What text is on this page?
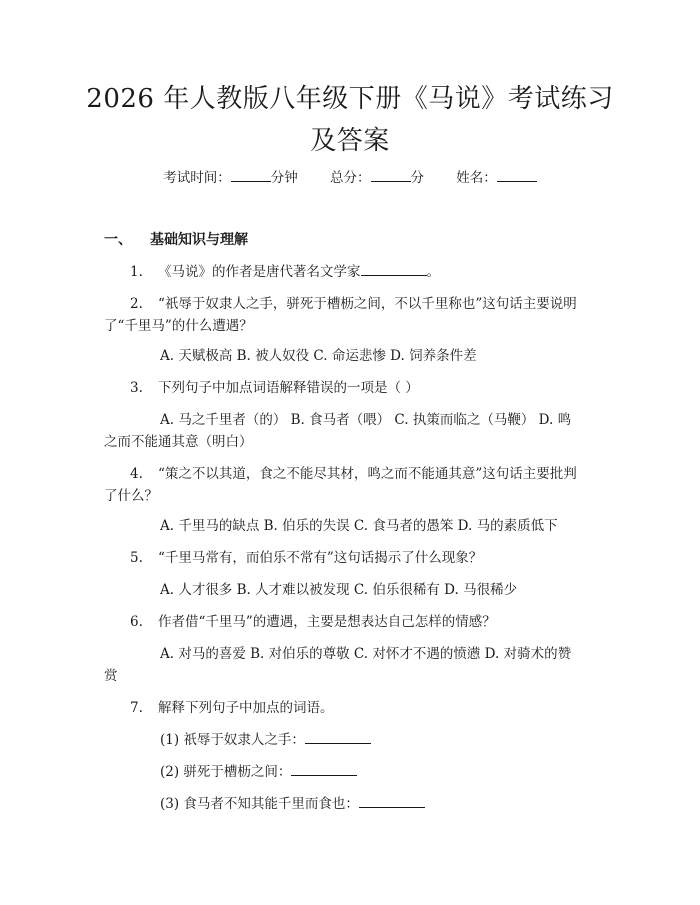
2026 年人教版八年级下册《马说》考试练习
及答案
考试时间：	分钟 总分：	分 姓名：
一、 基础知识与理解
1. 《马说》的作者是唐代著名文学家	。
2. “祇辱于奴隶人之手，骈死于槽枥之间，不以千里称也”这句话主要说明
了“千里马”的什么遭遇？
A. 天赋极高 B. 被人奴役 C. 命运悲惨 D. 饲养条件差
3. 下列句子中加点词语解释错误的一项是（ ）
A. 马之千里者（的） B. 食马者（喂） C. 执策而临之（马鞭） D. 鸣
之而不能通其意（明白）
4. “策之不以其道，食之不能尽其材，鸣之而不能通其意”这句话主要批判
了什么？
A. 千里马的缺点 B. 伯乐的失误 C. 食马者的愚笨 D. 马的素质低下
5. “千里马常有，而伯乐不常有”这句话揭示了什么现象？
A. 人才很多 B. 人才难以被发现 C. 伯乐很稀有 D. 马很稀少
6. 作者借“千里马”的遭遇，主要是想表达自己怎样的情感？
A. 对马的喜爱 B. 对伯乐的尊敬 C. 对怀才不遇的愤懑 D. 对骑术的赞
赏
7. 解释下列句子中加点的词语。
(1) 祇辱于奴隶人之手：
(2) 骈死于槽枥之间：
(3) 食马者不知其能千里而食也：
